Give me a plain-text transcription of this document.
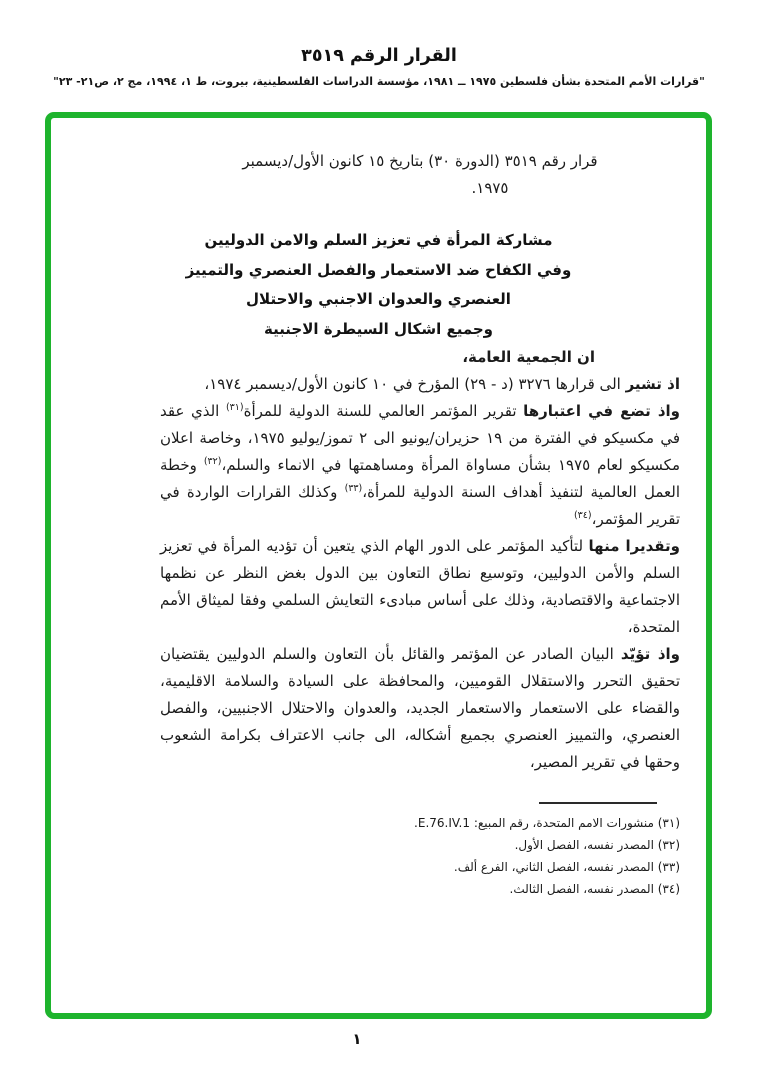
القرار الرقم ٣٥١٩
"قرارات الأمم المتحدة بشأن فلسطين ١٩٧٥ ــ ١٩٨١، مؤسسة الدراسات الفلسطينية، بيروت، ط ١، ١٩٩٤، مج ٢، ص٢١- ٢٣"
قرار رقم ٣٥١٩ (الدورة ٣٠) بتاريخ ١٥ كانون الأول/ديسمبر
١٩٧٥.
مشاركة المرأة في تعزيز السلم والامن الدوليين
وفي الكفاح ضد الاستعمار والفصل العنصري والتمييز
العنصري والعدوان الاجنبي والاحتلال
وجميع اشكال السيطرة الاجنبية

ان الجمعية العامة،

اذ تشير الى قرارها ٣٢٧٦ (د - ٢٩) المؤرخ في ١٠ كانون الأول/ديسمبر ١٩٧٤،

واذ تضع في اعتبارها تقرير المؤتمر العالمي للسنة الدولية للمرأة$^{(٣١)}$ الذي عقد في مكسيكو في الفترة من ١٩ حزيران/يونيو الى ٢ تموز/يوليو ١٩٧٥، وخاصة اعلان مكسيكو لعام ١٩٧٥ بشأن مساواة المرأة ومساهمتها في الانماء والسلم،$^{(٣٢)}$ وخطة العمل العالمية لتنفيذ أهداف السنة الدولية للمرأة،$^{(٣٣)}$ وكذلك القرارات الواردة في تقرير المؤتمر،$^{(٣٤)}$

وتقديرا منها لتأكيد المؤتمر على الدور الهام الذي يتعين أن تؤديه المرأة في تعزيز السلم والأمن الدوليين، وتوسيع نطاق التعاون بين الدول بغض النظر عن نظمها الاجتماعية والاقتصادية، وذلك على أساس مبادىء التعايش السلمي وفقا لميثاق الأمم المتحدة،

واذ تؤيّد البيان الصادر عن المؤتمر والقائل بأن التعاون والسلم الدوليين يقتضيان تحقيق التحرر والاستقلال القوميين، والمحافظة على السيادة والسلامة الاقليمية، والقضاء على الاستعمار والاستعمار الجديد، والعدوان والاحتلال الاجنبيين، والفصل العنصري، والتمييز العنصري بجميع أشكاله، الى جانب الاعتراف بكرامة الشعوب وحقها في تقرير المصير،

(٣١) منشورات الامم المتحدة، رقم المبيع: E.76.IV.1.
(٣٢) المصدر نفسه، الفصل الأول.
(٣٣) المصدر نفسه، الفصل الثاني، الفرع ألف.
(٣٤) المصدر نفسه، الفصل الثالث.
١
